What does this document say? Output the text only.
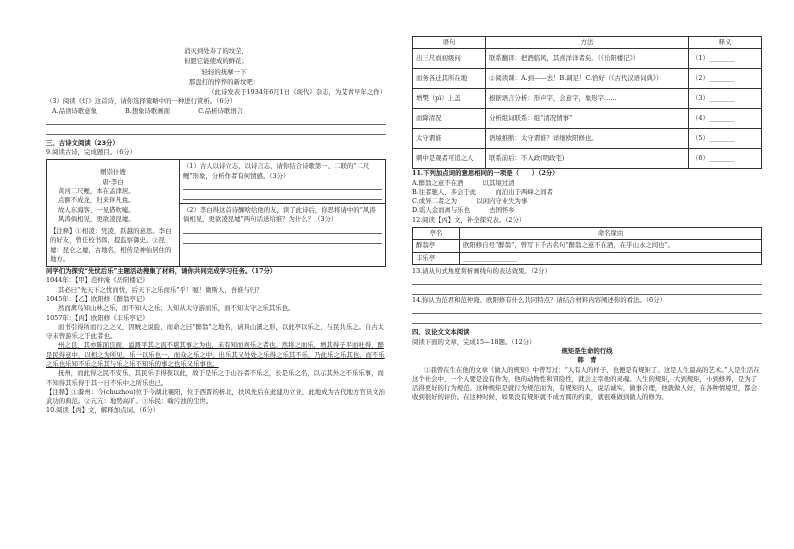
消灭到处寿了的坟茔，
但愿它能使成的鲜花；
轻轻的抚摩一下
那盘打的悴悴的新坟吧：
（此诗发表于1934年6月1日《现代》杂志，为艾青早年之作）

（3）阅读《灯》这首诗，请你选择策略中的一种进行赏析。（6分）

A.品读诗歌意象	B.想象诗歌画面	C.品析诗歌语言
三、古诗文阅读（23分）

9.阅读古诗，完成题目。（6分）

赠崇什嫂
唐·李白
黄河二尺鲤，本在孟津居。
点额不成龙，归来伴凡鱼。
故人东海客，一见借吹嘘。
风涛倘相见，更欲凌昆墟。
【注释】①相凌：凭凌，跃越的意思。李白的好友，曾任校书郎，提监察御史。②昆墟：昆仑之墟，古地名，相传是神仙居住的地方。
（1）古人以诗立志，以诗言志，请你结合诗歌第一、二联的“二尺鲤”形象，分析作者有何情感。（3分）
（2）李白得这首诗醐啥给他的友，读了此诗后，你思将请中的“风涛倘相见，更欲凌昆墟”两句话送给谁？为什么？（3分）

同学们为探究“先忧后乐”主题活动搜集了材料，请你共同完成学习任务。（17分）

1044年：【甲】范仲淹《岳阳楼记》
其必曰“先天下之忧而忧，后天下之乐而乐”乎！噫！微斯人，吾谁与归？
1045年：【乙】欧阳修《醉翁亭记》
然而禽鸟知山林之乐，而不知人之乐；人知从太守游而乐，而不知太守之乐其乐也。
1057年：【丙】欧阳修《丰乐亭记》
而书引得所而行之之又，因贼之说脸，而命之曰“醉翁”之地名，请具山溪之形，以此亭以乐之，与民共乐之。自古太守未曾游乐之于此者也。
州之良，其亦陈面良面，溢溉平其之流不堪其事之为也，未有知而喜乐之者也。然将之而乐，增其得子平而吐得，醉是民得意中，以相之为所见。乐一以乐也一，而众之乐之中，出乐其又处处之乐得之乐其不乐，乃此乐之乐其也，而不乐之乐也乐知不乐之乐其与乐之乐不知乐的事之也乐又乐事也。
抚州，而此得之民不安乐，其民乐手得夜以此，故于是乐之于山谷者不乐之，长是乐之名，以示其外之不乐乐事，而不知得其乐得于其一日不乐中之所乐也已。
【注释】①滁州：今(chuzhou)位于今湖北襄阳，位于西晋的析北，扶风先后在此建功立业，此地成为古代地方官员文治武功的典范。②亢亢：地势高旷。③乐民：喻污浊的尘世。
10.阅读【丙】文，解释加点词。（6分）
语句	方法	释义
出三尺而初级问	联系翻译：把酒临风，其喜洋洋者矣。（《岳阳楼记》）	（1）________
而务各迁其所在地	②阅读课：A.到——去！B.调足！C.恰好（《古代汉语词典》）	（2）________
增樊（pì）上盖	根据语言分析：形声字，会意字，象形字……	（3）________
而降清况	分析组词联系：组“清况情事”	（4）________
太守谓谁	语境推断：太守谓谁？详细欧阳修也。	（5）________
刺中是观者可追之人	联系前后：不入政(明政宅)	（6）________

11.下列加点词的意思相同的一项是（　　）（2分）

A.醉翁之意不在酒　　　以其境过清
B.往者驰人，多会于此　　　而泊出于两峰之间者
C.或异二者之为　　　以闲内守业失为事
D.谣人金而离与乐也　　　去国怀乡

12.阅读【丙】文，补全探究表。（2分）

亭名	命名缘由
醉翁亭	欧阳修自号“醉翁”，曾写下千古名句“醉翁之意不在酒，在乎山水之间也”。
丰乐亭	_________________

13.请从句式角度赏析画线句的表达效果。（2分）

14.你认为范君和范仲淹、欧阳修有什么共同特点？请结合材料内容阐述你的看法。（6分）

四、议论文文本阅读
阅读下面的文章，完成15—18题。（12分）
规矩是生命的行线
韩　青
①我曾在生在他的文章《做人的规矩》中曾写过：“人有人的样子，也便是有规矩了。这是人生最高的艺术。”人是生活在这个社会中，一个人要是没有作为，他的动物性和冒险性，就会主宰他的灵魂。人生的规矩，大到规矩，小到修养，是为了活得更好的行为规范。这种规矩是就行为规范而为，有规矩的人，说话诚实，做事合理，他就做人好，在各种情境里，都会收到很好的评价。在这种时候，如果没有规矩就不成方圆的约束，就很难做到做人的修为。
